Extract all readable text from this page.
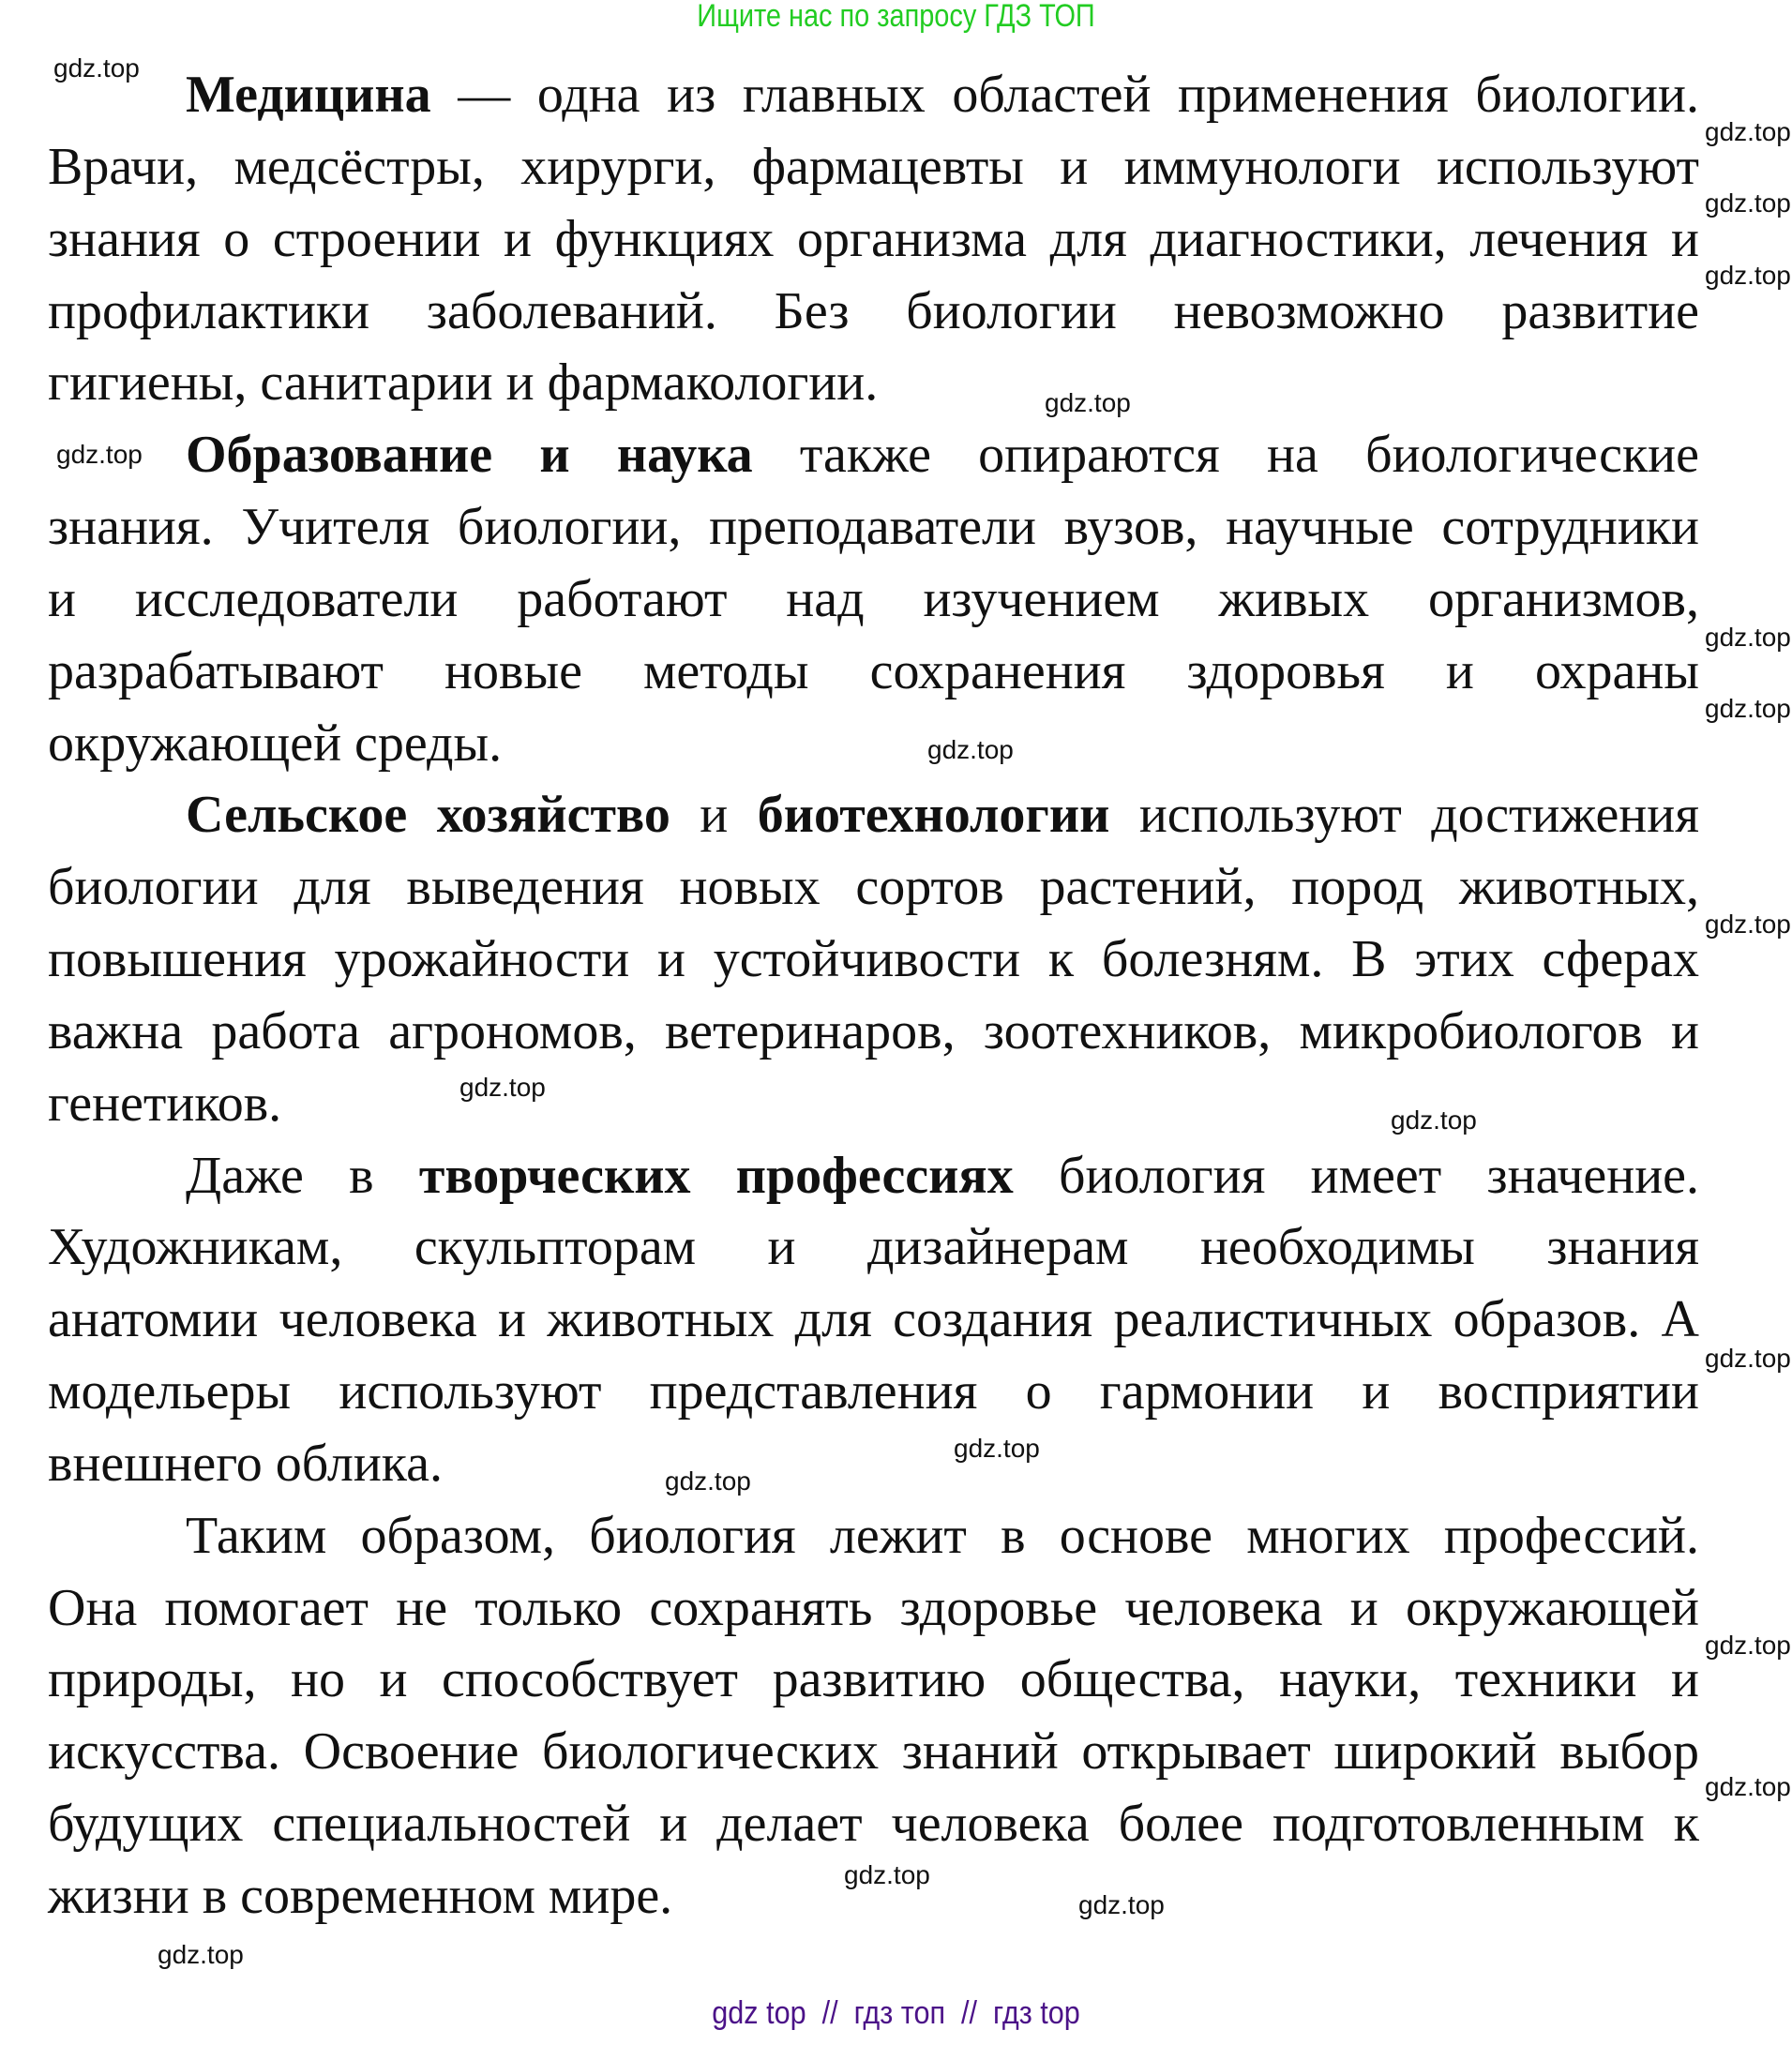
Ищите нас по запросу ГДЗ ТОП
Медицина — одна из главных областей применения биологии.
Врачи, медсёстры, хирурги, фармацевты и иммунологи используют
знания о строении и функциях организма для диагностики, лечения и
профилактики заболеваний. Без биологии невозможно развитие
гигиены, санитарии и фармакологии.
Образование и наука также опираются на биологические
знания. Учителя биологии, преподаватели вузов, научные сотрудники
и исследователи работают над изучением живых организмов,
разрабатывают новые методы сохранения здоровья и охраны
окружающей среды.
Сельское хозяйство и биотехнологии используют достижения
биологии для выведения новых сортов растений, пород животных,
повышения урожайности и устойчивости к болезням. В этих сферах
важна работа агрономов, ветеринаров, зоотехников, микробиологов и
генетиков.
Даже в творческих профессиях биология имеет значение.
Художникам, скульпторам и дизайнерам необходимы знания
анатомии человека и животных для создания реалистичных образов. А
модельеры используют представления о гармонии и восприятии
внешнего облика.
Таким образом, биология лежит в основе многих профессий.
Она помогает не только сохранять здоровье человека и окружающей
природы, но и способствует развитию общества, науки, техники и
искусства. Освоение биологических знаний открывает широкий выбор
будущих специальностей и делает человека более подготовленным к
жизни в современном мире.
gdz.top
gdz.top
gdz.top
gdz.top
gdz.top
gdz.top
gdz.top
gdz.top
gdz.top
gdz.top
gdz.top
gdz.top
gdz.top
gdz.top
gdz.top
gdz.top
gdz.top
gdz.top
gdz.top
gdz.top
gdz top  //  гдз топ  //  гдз top
